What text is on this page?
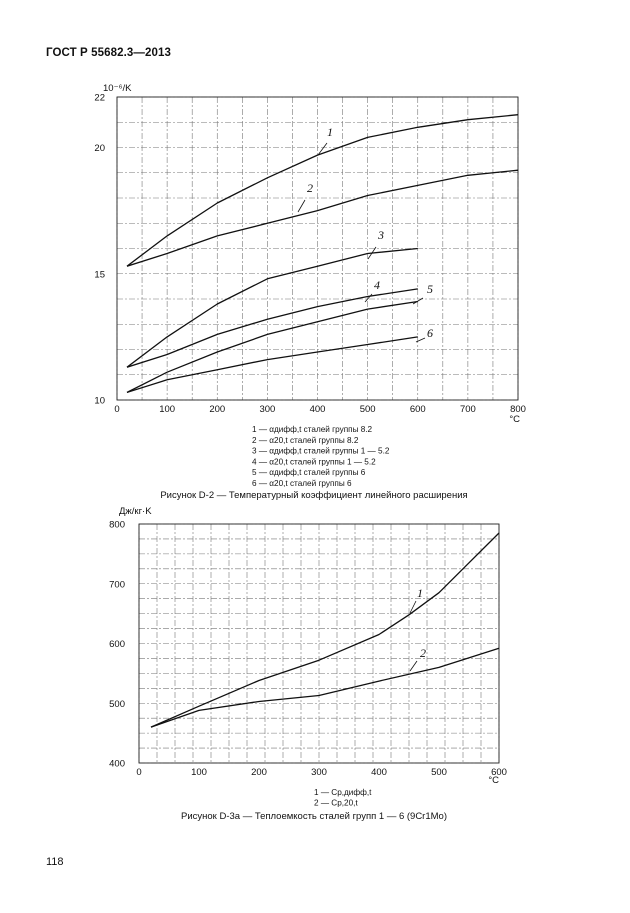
ГОСТ Р 55682.3—2013
0	100	200	300	400	500	600	700	800
10
15
20
22
°C
10⁻⁶/K
1
2
3
4	5
6
1 — αдифф,t сталей группы 8.2
2 — α20,t сталей группы 8.2
3 — αдифф,t сталей группы 1 — 5.2
4 — α20,t сталей группы 1 — 5.2
5 — αдифф,t сталей группы 6
6 — α20,t сталей группы 6
Рисунок D-2 — Температурный коэффициент линейного расширения
0	100	200	300	400	500	600
400
500
600
700
800
°C
Дж/кг·K
1
2
1 — Cp,дифф,t
2 — Cp,20,t
Рисунок D-3a — Теплоемкость сталей групп 1 — 6 (9Cr1Mo)
118
